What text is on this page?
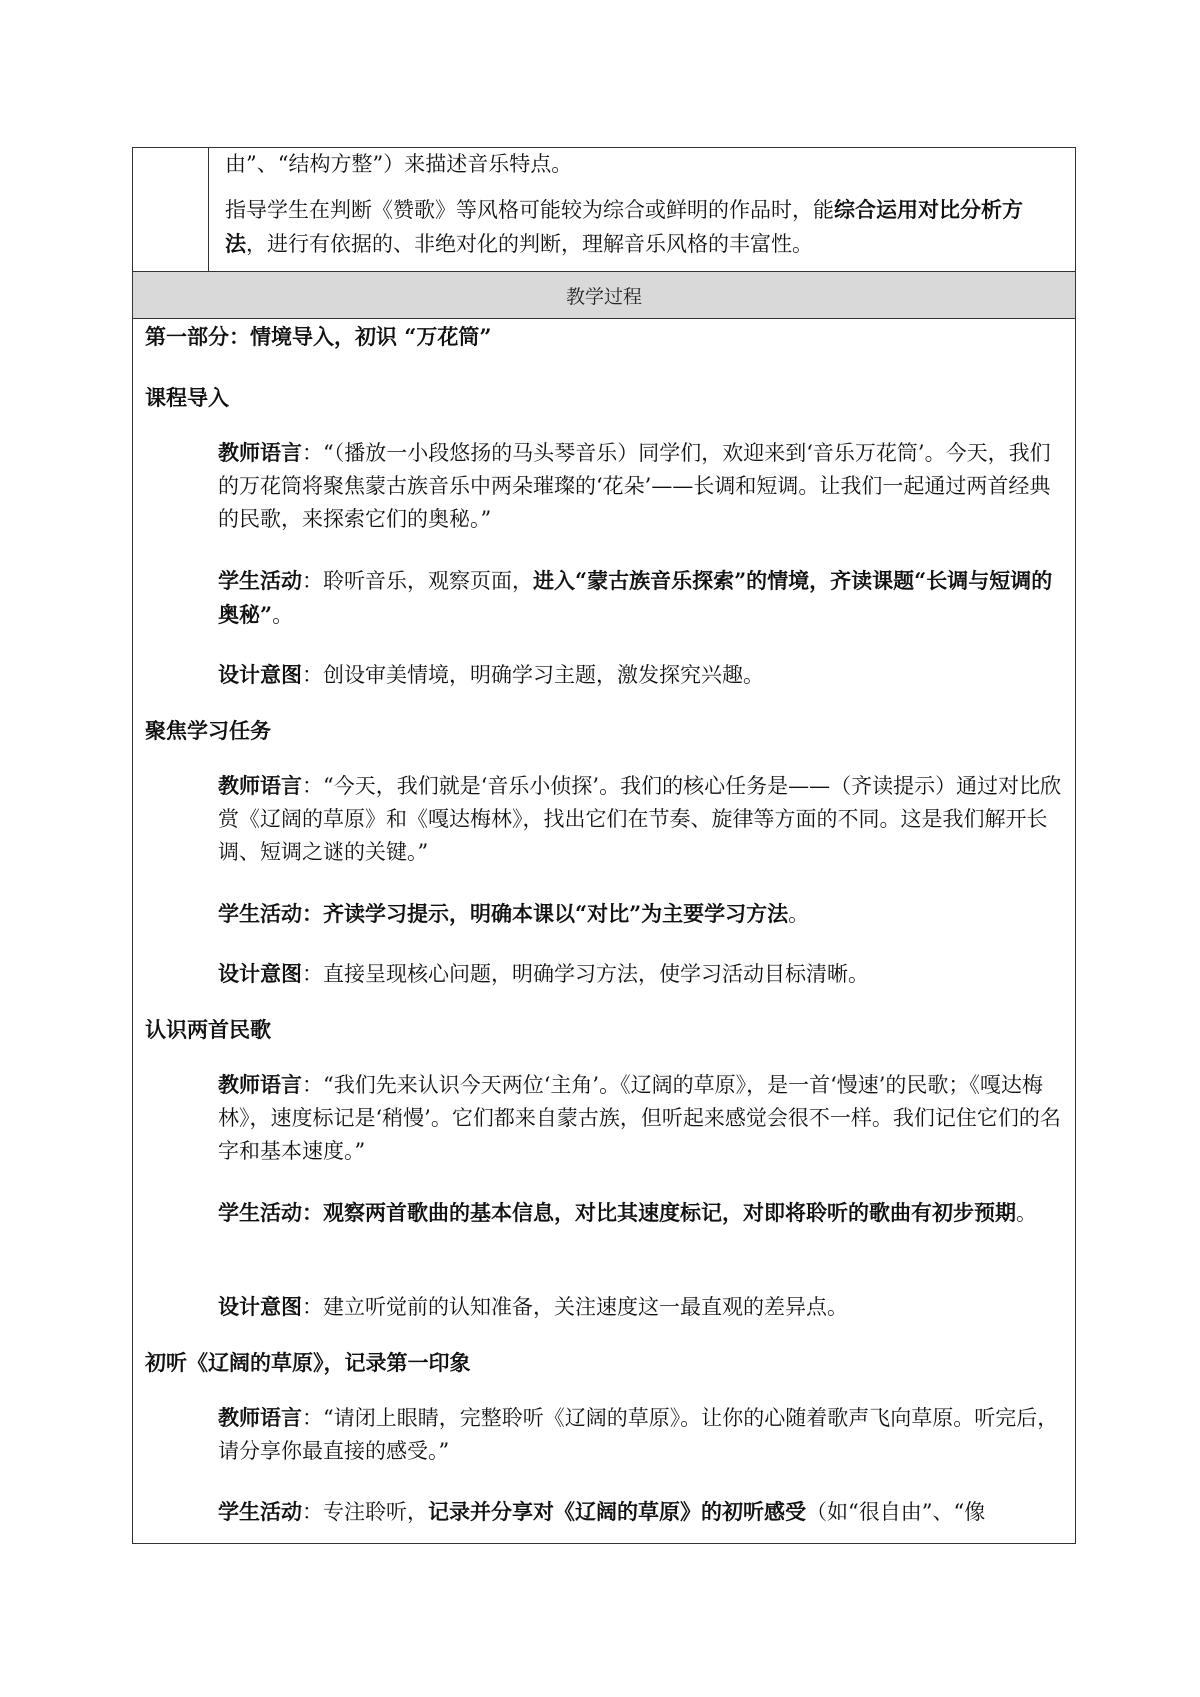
由”、“结构方整”）来描述音乐特点。

指导学生在判断《赞歌》等风格可能较为综合或鲜明的作品时，能综合运用对比分析方法，进行有依据的、非绝对化的判断，理解音乐风格的丰富性。

教学过程
第一部分：情境导入，初识 “万花筒”
课程导入
教师语言：“（播放一小段悠扬的马头琴音乐）同学们，欢迎来到‘音乐万花筒’。今天，我们的万花筒将聚焦蒙古族音乐中两朵璀璨的‘花朵’——长调和短调。让我们一起通过两首经典的民歌，来探索它们的奥秘。”
学生活动：聆听音乐，观察页面，进入“蒙古族音乐探索”的情境，齐读课题“长调与短调的奥秘”。
设计意图：创设审美情境，明确学习主题，激发探究兴趣。
聚焦学习任务
教师语言：“今天，我们就是‘音乐小侦探’。我们的核心任务是——（齐读提示）通过对比欣赏《辽阔的草原》和《嘎达梅林》，找出它们在节奏、旋律等方面的不同。这是我们解开长调、短调之谜的关键。”
学生活动：齐读学习提示，明确本课以“对比”为主要学习方法。
设计意图：直接呈现核心问题，明确学习方法，使学习活动目标清晰。
认识两首民歌
教师语言：“我们先来认识今天两位‘主角’。《辽阔的草原》，是一首‘慢速’的民歌；《嘎达梅林》，速度标记是‘稍慢’。它们都来自蒙古族，但听起来感觉会很不一样。我们记住它们的名字和基本速度。”
学生活动：观察两首歌曲的基本信息，对比其速度标记，对即将聆听的歌曲有初步预期。
设计意图：建立听觉前的认知准备，关注速度这一最直观的差异点。
初听《辽阔的草原》，记录第一印象
教师语言：“请闭上眼睛，完整聆听《辽阔的草原》。让你的心随着歌声飞向草原。听完后，请分享你最直接的感受。”
学生活动：专注聆听，记录并分享对《辽阔的草原》的初听感受（如“很自由”、“像
